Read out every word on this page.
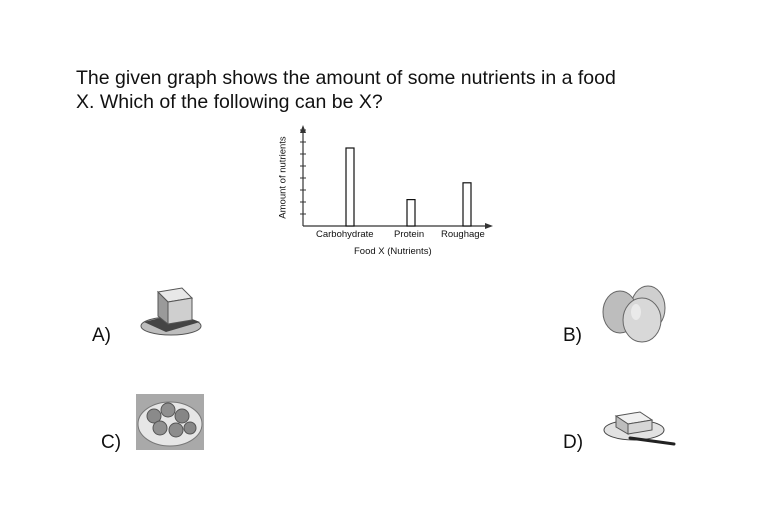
The given graph shows the amount of some nutrients in a food
X. Which of the following can be X?

Amount of nutrients
Carbohydrate Protein Roughage
Food X (Nutrients)
A)	B)
C)	D)
